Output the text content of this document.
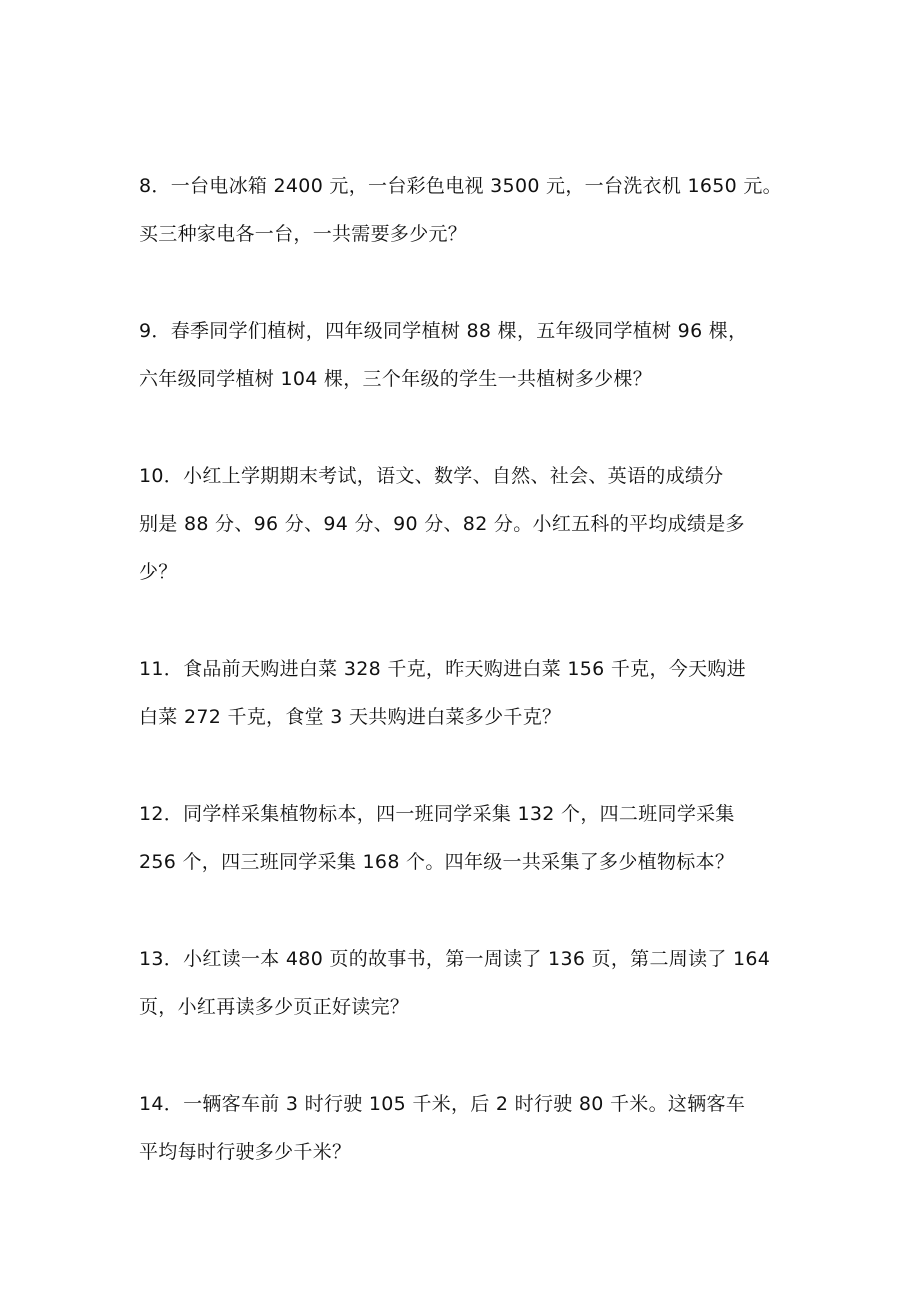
8．一台电冰箱 2400 元，一台彩色电视 3500 元，一台洗衣机 1650 元。
买三种家电各一台，一共需要多少元？
9．春季同学们植树，四年级同学植树 88 棵，五年级同学植树 96 棵，
六年级同学植树 104 棵，三个年级的学生一共植树多少棵？
10．小红上学期期末考试，语文、数学、自然、社会、英语的成绩分
别是 88 分、96 分、94 分、90 分、82 分。小红五科的平均成绩是多
少？
11．食品前天购进白菜 328 千克，昨天购进白菜 156 千克，今天购进
白菜 272 千克，食堂 3 天共购进白菜多少千克？
12．同学样采集植物标本，四一班同学采集 132 个，四二班同学采集
256 个，四三班同学采集 168 个。四年级一共采集了多少植物标本？
13．小红读一本 480 页的故事书，第一周读了 136 页，第二周读了 164
页，小红再读多少页正好读完？
14．一辆客车前 3 时行驶 105 千米，后 2 时行驶 80 千米。这辆客车
平均每时行驶多少千米？
